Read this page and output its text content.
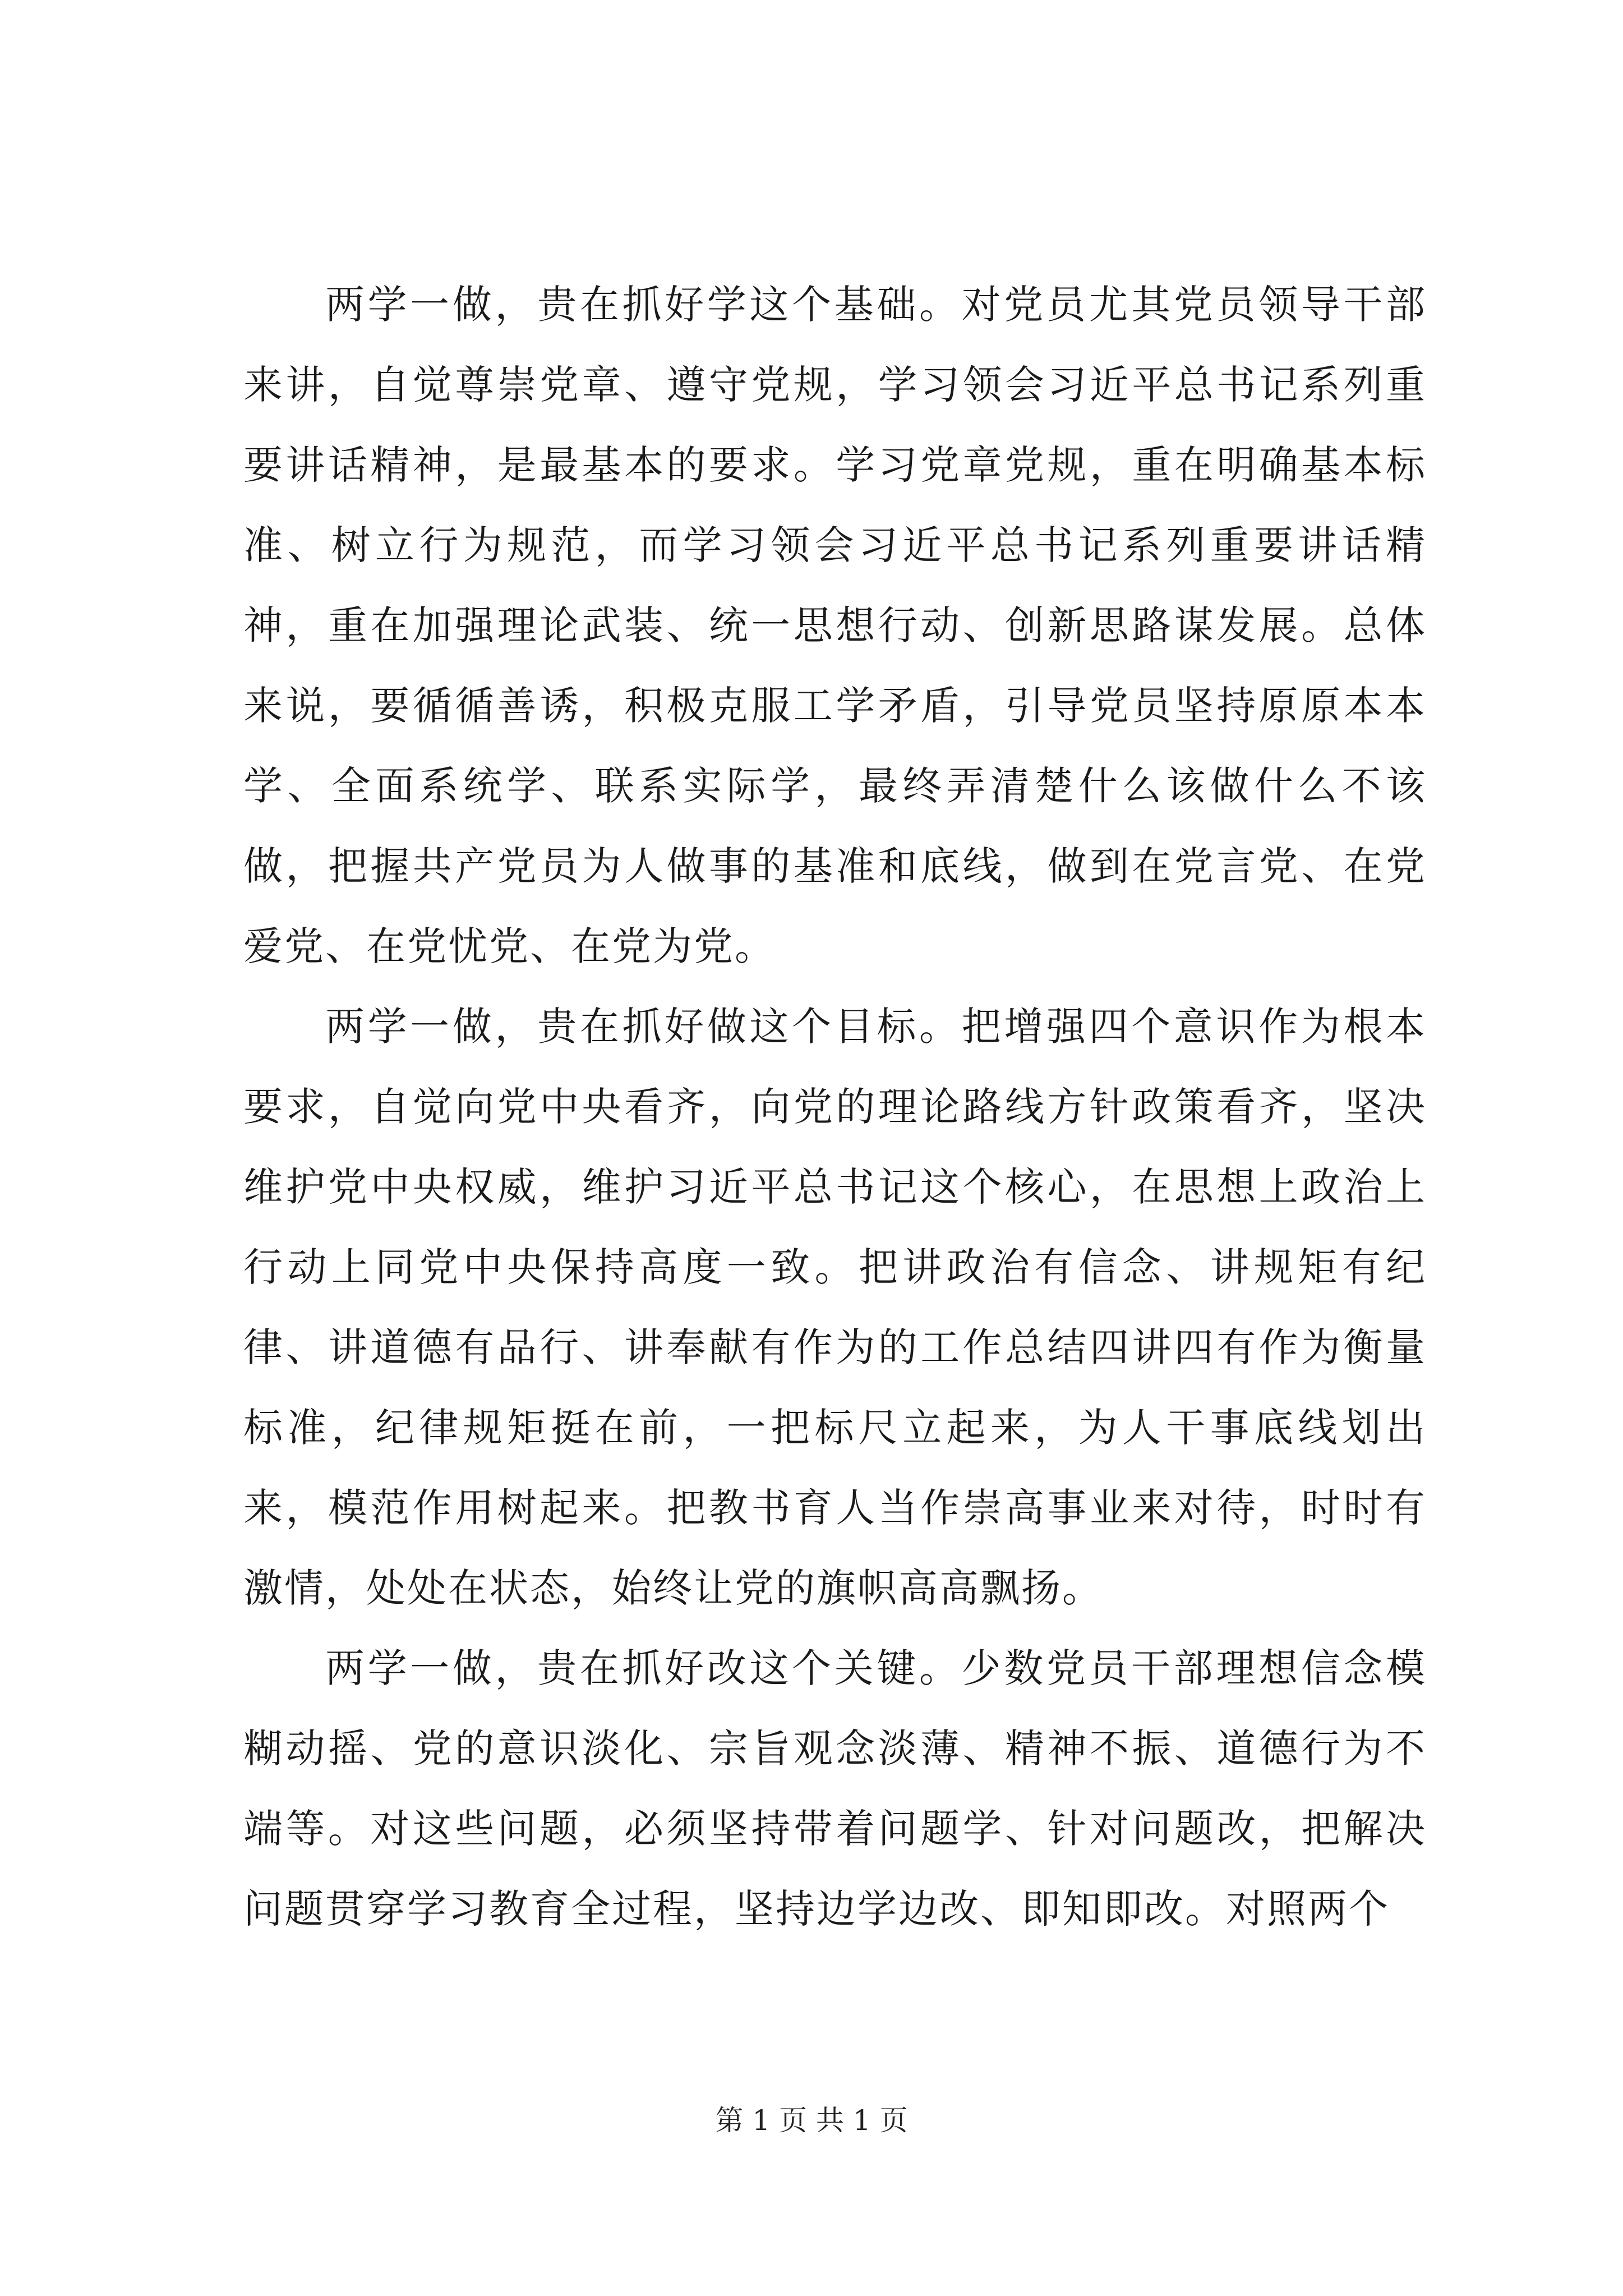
两学一做，贵在抓好学这个基础。对党员尤其党员领导干部来讲，自觉尊崇党章、遵守党规，学习领会习近平总书记系列重要讲话精神，是最基本的要求。学习党章党规，重在明确基本标准、树立行为规范，而学习领会习近平总书记系列重要讲话精神，重在加强理论武装、统一思想行动、创新思路谋发展。总体来说，要循循善诱，积极克服工学矛盾，引导党员坚持原原本本学、全面系统学、联系实际学，最终弄清楚什么该做什么不该做，把握共产党员为人做事的基准和底线，做到在党言党、在党爱党、在党忧党、在党为党。

两学一做，贵在抓好做这个目标。把增强四个意识作为根本要求，自觉向党中央看齐，向党的理论路线方针政策看齐，坚决维护党中央权威，维护习近平总书记这个核心，在思想上政治上行动上同党中央保持高度一致。把讲政治有信念、讲规矩有纪律、讲道德有品行、讲奉献有作为的工作总结四讲四有作为衡量标准，纪律规矩挺在前，一把标尺立起来，为人干事底线划出来，模范作用树起来。把教书育人当作崇高事业来对待，时时有激情，处处在状态，始终让党的旗帜高高飘扬。

两学一做，贵在抓好改这个关键。少数党员干部理想信念模糊动摇、党的意识淡化、宗旨观念淡薄、精神不振、道德行为不端等。对这些问题，必须坚持带着问题学、针对问题改，把解决问题贯穿学习教育全过程，坚持边学边改、即知即改。对照两个

第 1 页 共 1 页
